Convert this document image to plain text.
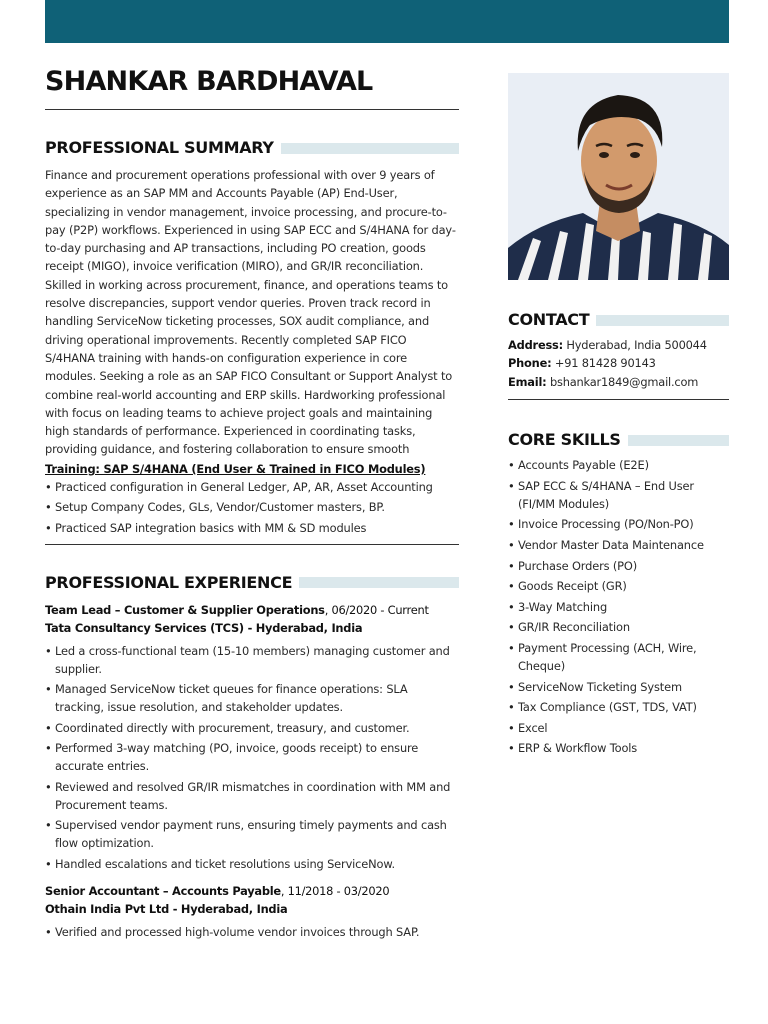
SHANKAR BARDHAVAL
PROFESSIONAL SUMMARY
Finance and procurement operations professional with over 9 years of experience as an SAP MM and Accounts Payable (AP) End-User, specializing in vendor management, invoice processing, and procure-to-pay (P2P) workflows. Experienced in using SAP ECC and S/4HANA for day-to-day purchasing and AP transactions, including PO creation, goods receipt (MIGO), invoice verification (MIRO), and GR/IR reconciliation. Skilled in working across procurement, finance, and operations teams to resolve discrepancies, support vendor queries. Proven track record in handling ServiceNow ticketing processes, SOX audit compliance, and driving operational improvements. Recently completed SAP FICO S/4HANA training with hands-on configuration experience in core modules. Seeking a role as an SAP FICO Consultant or Support Analyst to combine real-world accounting and ERP skills. Hardworking professional with focus on leading teams to achieve project goals and maintaining high standards of performance. Experienced in coordinating tasks, providing guidance, and fostering collaboration to ensure smooth
Training: SAP S/4HANA (End User & Trained in FICO Modules)
• Practiced configuration in General Ledger, AP, AR, Asset Accounting
• Setup Company Codes, GLs, Vendor/Customer masters, BP.
• Practiced SAP integration basics with MM & SD modules
PROFESSIONAL EXPERIENCE
Team Lead – Customer & Supplier Operations, 06/2020 - Current
Tata Consultancy Services (TCS) - Hyderabad, India
• Led a cross-functional team (15-10 members) managing customer and supplier.
• Managed ServiceNow ticket queues for finance operations: SLA tracking, issue resolution, and stakeholder updates.
• Coordinated directly with procurement, treasury, and customer.
• Performed 3-way matching (PO, invoice, goods receipt) to ensure accurate entries.
• Reviewed and resolved GR/IR mismatches in coordination with MM and Procurement teams.
• Supervised vendor payment runs, ensuring timely payments and cash flow optimization.
• Handled escalations and ticket resolutions using ServiceNow.
Senior Accountant – Accounts Payable, 11/2018 - 03/2020
Othain India Pvt Ltd - Hyderabad, India
• Verified and processed high-volume vendor invoices through SAP.
CONTACT
Address: Hyderabad, India 500044
Phone: +91 81428 90143
Email: bshankar1849@gmail.com
CORE SKILLS
• Accounts Payable (E2E)
• SAP ECC & S/4HANA – End User (FI/MM Modules)
• Invoice Processing (PO/Non-PO)
• Vendor Master Data Maintenance
• Purchase Orders (PO)
• Goods Receipt (GR)
• 3-Way Matching
• GR/IR Reconciliation
• Payment Processing (ACH, Wire, Cheque)
• ServiceNow Ticketing System
• Tax Compliance (GST, TDS, VAT)
• Excel
• ERP & Workflow Tools
